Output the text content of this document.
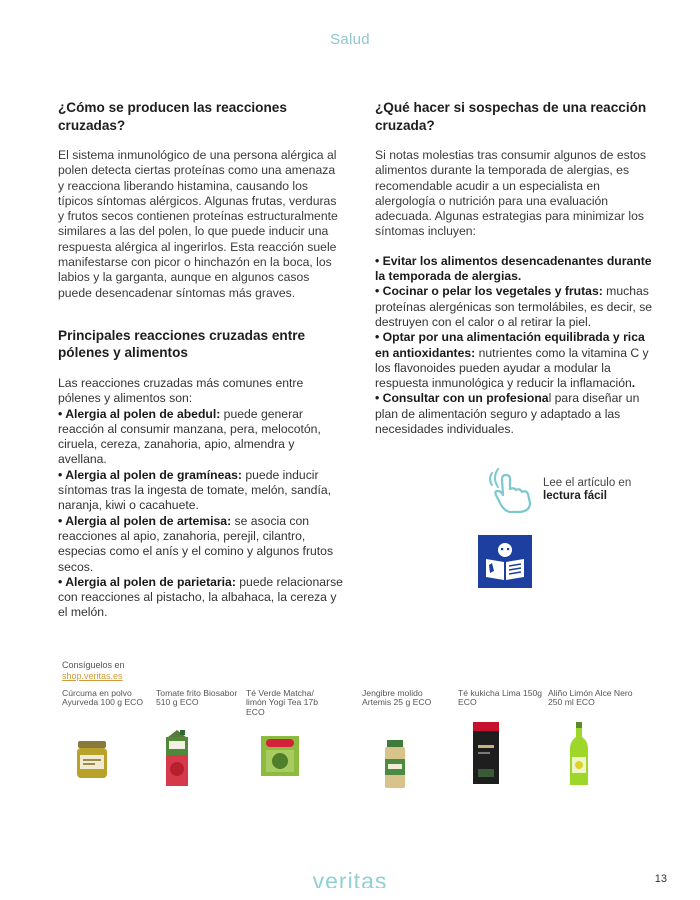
Salud
¿Cómo se producen las reacciones cruzadas?

El sistema inmunológico de una persona alérgica al polen detecta ciertas proteínas como una amenaza y reacciona liberando histamina, causando los típicos síntomas alérgicos. Algunas frutas, verduras y frutos secos contienen proteínas estructuralmente similares a las del polen, lo que puede inducir una respuesta alérgica al ingerirlos. Esta reacción suele manifestarse con picor o hinchazón en la boca, los labios y la garganta, aunque en algunos casos puede desencadenar síntomas más graves.

Principales reacciones cruzadas entre pólenes y alimentos
Las reacciones cruzadas más comunes entre pólenes y alimentos son:
• Alergia al polen de abedul: puede generar reacción al consumir manzana, pera, melocotón, ciruela, cereza, zanahoria, apio, almendra y avellana.
• Alergia al polen de gramíneas: puede inducir síntomas tras la ingesta de tomate, melón, sandía, naranja, kiwi o cacahuete.
• Alergia al polen de artemisa: se asocia con reacciones al apio, zanahoria, perejil, cilantro, especias como el anís y el comino y algunos frutos secos.
• Alergia al polen de parietaria: puede relacionarse con reacciones al pistacho, la albahaca, la cereza y el melón.
¿Qué hacer si sospechas de una reacción cruzada?

Si notas molestias tras consumir algunos de estos alimentos durante la temporada de alergias, es recomendable acudir a un especialista en alergología o nutrición para una evaluación adecuada. Algunas estrategias para minimizar los síntomas incluyen:

• Evitar los alimentos desencadenantes durante la temporada de alergias.
• Cocinar o pelar los vegetales y frutas: muchas proteínas alergénicas son termolábiles, es decir, se destruyen con el calor o al retirar la piel.
• Optar por una alimentación equilibrada y rica en antioxidantes: nutrientes como la vitamina C y los flavonoides pueden ayudar a modular la respuesta inmunológica y reducir la inflamación.
• Consultar con un profesional para diseñar un plan de alimentación seguro y adaptado a las necesidades individuales.
Lee el artículo en
lectura fácil
Consíguelos en
shop.veritas.es
Cúrcuma en polvo Ayurveda 100 g ECO
Tomate frito Biosabor 510 g ECO
Té Verde Matcha/ limón Yogi Tea 17b ECO
Jengibre molido Artemis 25 g ECO
Té kukicha Lima 150g ECO
Aliño Limón Alce Nero 250 ml ECO
veritas	13
